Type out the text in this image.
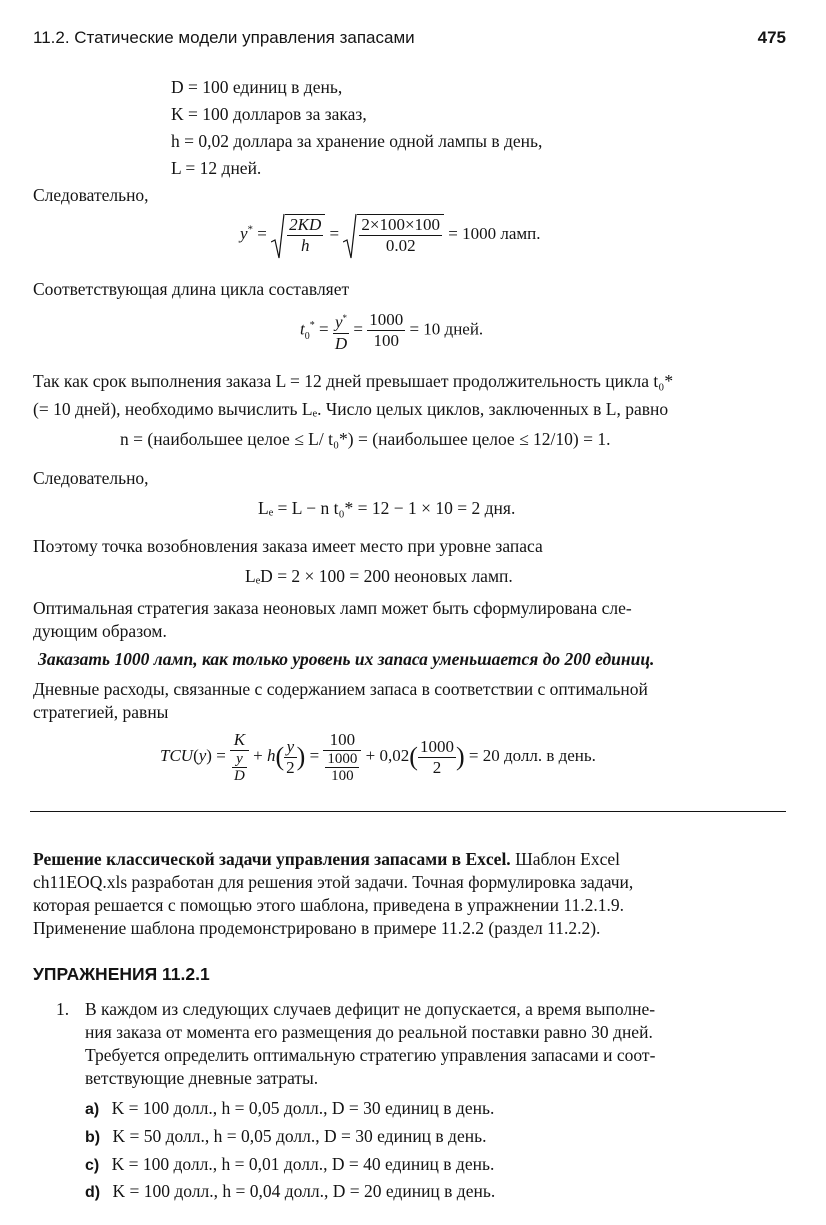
11.2. Статические модели управления запасами	475
D = 100 единиц в день,
K = 100 долларов за заказ,
h = 0,02 доллара за хранение одной лампы в день,
L = 12 дней.
Следовательно,
$y^* = \frac{2KD}{h} = \frac{2\times 100\times 100}{0.02} = 1000$ ламп.
Соответствующая длина цикла составляет
$t_0^* = \frac{y^*}{D} = \frac{1000}{100} = 10$ дней.
Так как срок выполнения заказа L = 12 дней превышает продолжительность цикла t₀*
(= 10 дней), необходимо вычислить Lₑ. Число целых циклов, заключенных в L, равно
n = (наибольшее целое ≤ L/ t₀*) = (наибольшее целое ≤ 12/10) = 1.
Следовательно,
Lₑ = L − n t₀* = 12 − 1 × 10 = 2 дня.
Поэтому точка возобновления заказа имеет место при уровне запаса
LₑD = 2 × 100 = 200 неоновых ламп.
Оптимальная стратегия заказа неоновых ламп может быть сформулирована сле-
дующим образом.
Заказать 1000 ламп, как только уровень их запаса уменьшается до 200 единиц.
Дневные расходы, связанные с содержанием запаса в соответствии с оптимальной
стратегией, равны
$TCU(y) = \frac{K}{\frac{y}{D}} + h( \frac{y}{2}$ ) = $\frac{100}{\frac{1000}{100}} + 0,02( \frac{1000}{2}$ ) = 20 долл. в день.
Решение классической задачи управления запасами в Excel. Шаблон Excel
ch11EOQ.xls разработан для решения этой задачи. Точная формулировка задачи,
которая решается с помощью этого шаблона, приведена в упражнении 11.2.1.9.
Применение шаблона продемонстрировано в примере 11.2.2 (раздел 11.2.2).
УПРАЖНЕНИЯ 11.2.1
1. В каждом из следующих случаев дефицит не допускается, а время выполне-
ния заказа от момента его размещения до реальной поставки равно 30 дней.
Требуется определить оптимальную стратегию управления запасами и соот-
ветствующие дневные затраты.
a) K = 100 долл., h = 0,05 долл., D = 30 единиц в день.
b) K = 50 долл., h = 0,05 долл., D = 30 единиц в день.
c) K = 100 долл., h = 0,01 долл., D = 40 единиц в день.
d) K = 100 долл., h = 0,04 долл., D = 20 единиц в день.
